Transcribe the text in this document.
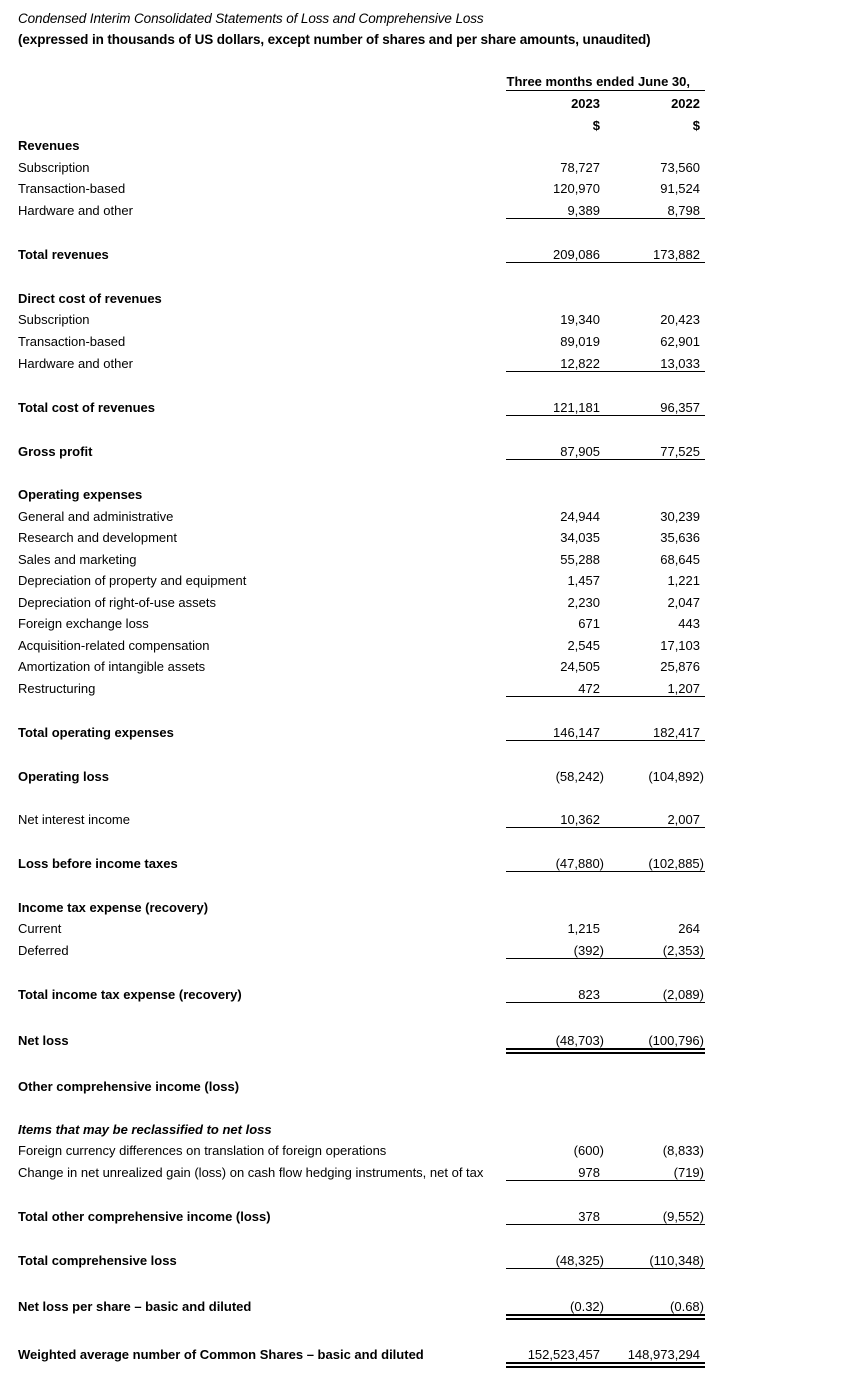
Condensed Interim Consolidated Statements of Loss and Comprehensive Loss
(expressed in thousands of US dollars, except number of shares and per share amounts, unaudited)
Three months ended June 30,
2023	2022
$	$
Revenues
Subscription	78,727	73,560
Transaction-based	120,970	91,524
Hardware and other	9,389	8,798
Total revenues	209,086	173,882
Direct cost of revenues
Subscription	19,340	20,423
Transaction-based	89,019	62,901
Hardware and other	12,822	13,033
Total cost of revenues	121,181	96,357
Gross profit	87,905	77,525
Operating expenses
General and administrative	24,944	30,239
Research and development	34,035	35,636
Sales and marketing	55,288	68,645
Depreciation of property and equipment	1,457	1,221
Depreciation of right-of-use assets	2,230	2,047
Foreign exchange loss	671	443
Acquisition-related compensation	2,545	17,103
Amortization of intangible assets	24,505	25,876
Restructuring	472	1,207
Total operating expenses	146,147	182,417
Operating loss	(58,242)	(104,892)
Net interest income	10,362	2,007
Loss before income taxes	(47,880)	(102,885)
Income tax expense (recovery)
Current	1,215	264
Deferred	(392)	(2,353)
Total income tax expense (recovery)	823	(2,089)
Net loss	(48,703)	(100,796)
Other comprehensive income (loss)
Items that may be reclassified to net loss
Foreign currency differences on translation of foreign operations	(600)	(8,833)
Change in net unrealized gain (loss) on cash flow hedging instruments, net of tax	978	(719)
Total other comprehensive income (loss)	378	(9,552)
Total comprehensive loss	(48,325)	(110,348)
Net loss per share – basic and diluted	(0.32)	(0.68)
Weighted average number of Common Shares – basic and diluted	152,523,457	148,973,294
